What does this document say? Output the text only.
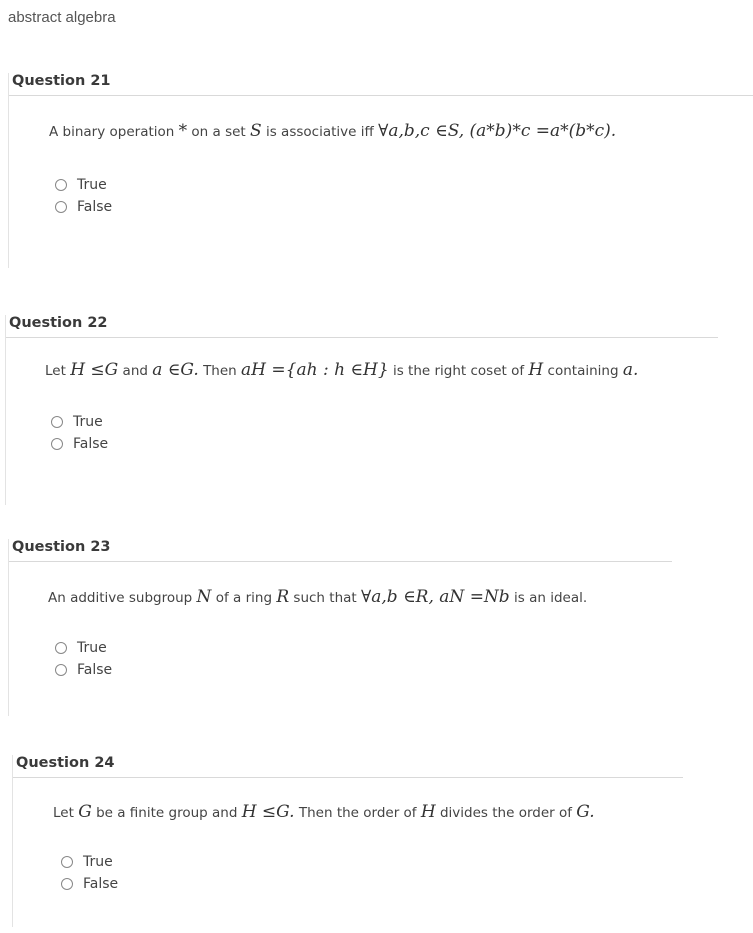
abstract algebra
Question 21
A binary operation * on a set S is associative iff ∀a,b,c ∈S, (a*b)*c =a*(b*c).
True
False
Question 22
Let H ≤G and a ∈G. Then aH ={ah : h ∈H} is the right coset of H containing a.
True
False
Question 23
An additive subgroup N of a ring R such that ∀a,b ∈R, aN =Nb is an ideal.
True
False
Question 24
Let G be a finite group and H ≤G. Then the order of H divides the order of G.
True
False
